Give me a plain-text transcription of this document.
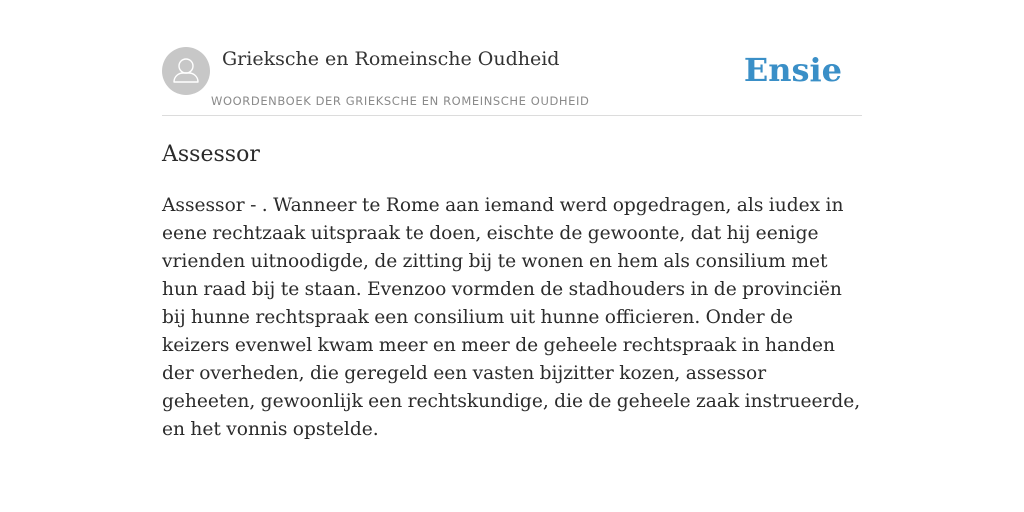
Grieksche en Romeinsche Oudheid
WOORDENBOEK DER GRIEKSCHE EN ROMEINSCHE OUDHEID
Ensie
Assessor

Assessor - . Wanneer te Rome aan iemand werd opgedragen, als iudex in eene rechtzaak uitspraak te doen, eischte de gewoonte, dat hij eenige vrienden uitnoodigde, de zitting bij te wonen en hem als consilium met hun raad bij te staan. Evenzoo vormden de stadhouders in de provinciën bij hunne rechtspraak een consilium uit hunne officieren. Onder de keizers evenwel kwam meer en meer de geheele rechtspraak in handen der overheden, die geregeld een vasten bijzitter kozen, assessor geheeten, gewoonlijk een rechtskundige, die de geheele zaak instrueerde, en het vonnis opstelde.
